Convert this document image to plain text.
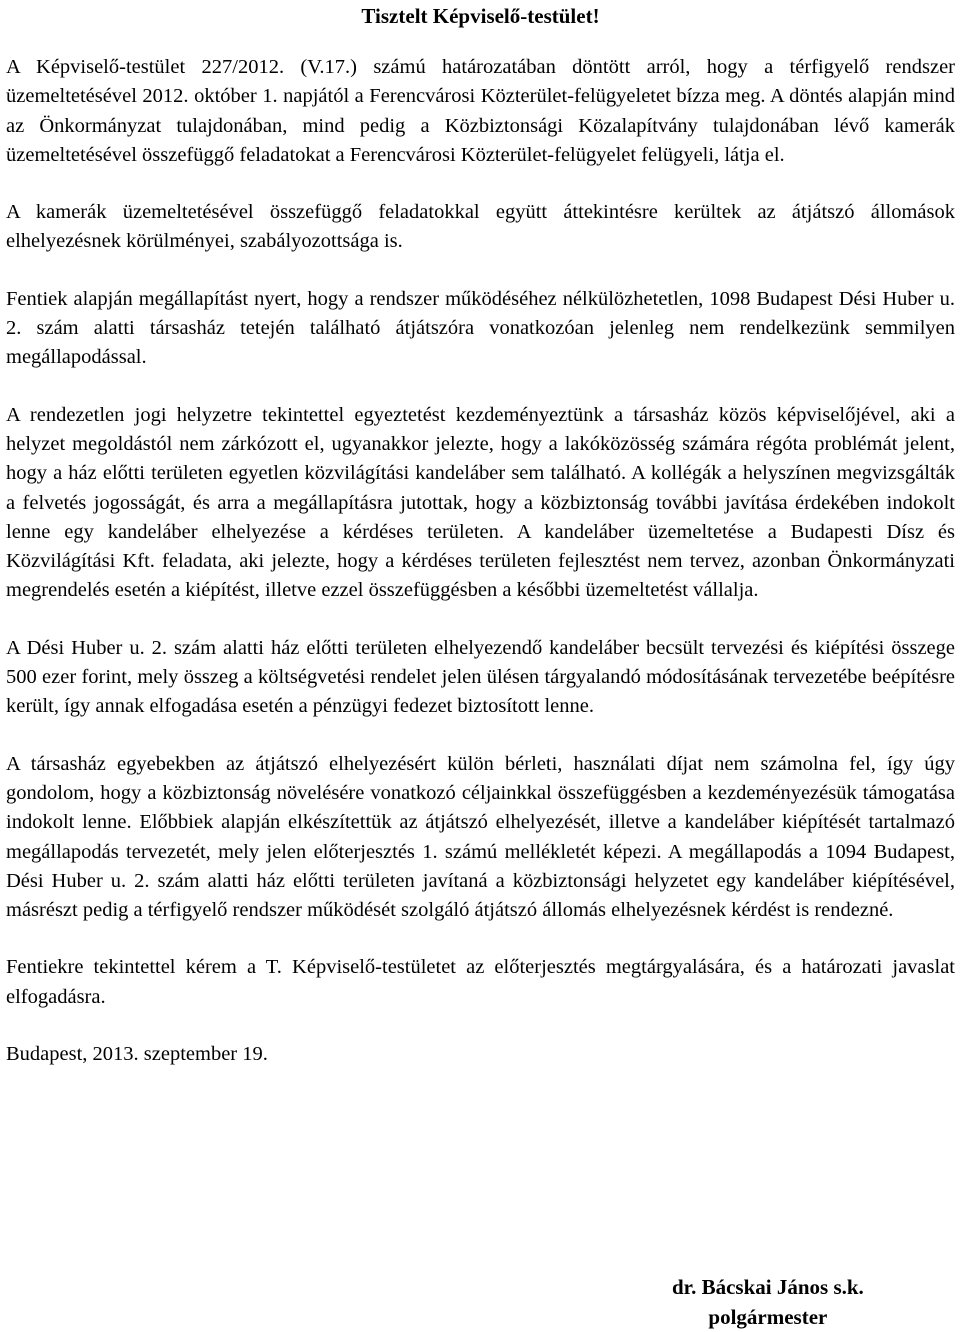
Tisztelt Képviselő-testület!

A Képviselő-testület 227/2012. (V.17.) számú határozatában döntött arról, hogy a térfigyelő rendszer üzemeltetésével 2012. október 1. napjától a Ferencvárosi Közterület-felügyeletet bízza meg. A döntés alapján mind az Önkormányzat tulajdonában, mind pedig a Közbiztonsági Közalapítvány tulajdonában lévő kamerák üzemeltetésével összefüggő feladatokat a Ferencvárosi Közterület-felügyelet felügyeli, látja el.

A kamerák üzemeltetésével összefüggő feladatokkal együtt áttekintésre kerültek az átjátszó állomások elhelyezésnek körülményei, szabályozottsága is.

Fentiek alapján megállapítást nyert, hogy a rendszer működéséhez nélkülözhetetlen, 1098 Budapest Dési Huber u. 2. szám alatti társasház tetején található átjátszóra vonatkozóan jelenleg nem rendelkezünk semmilyen megállapodással.

A rendezetlen jogi helyzetre tekintettel egyeztetést kezdeményeztünk a társasház közös képviselőjével, aki a helyzet megoldástól nem zárkózott el, ugyanakkor jelezte, hogy a lakóközösség számára régóta problémát jelent, hogy a ház előtti területen egyetlen közvilágítási kandeláber sem található. A kollégák a helyszínen megvizsgálták a felvetés jogosságát, és arra a megállapításra jutottak, hogy a közbiztonság további javítása érdekében indokolt lenne egy kandeláber elhelyezése a kérdéses területen. A kandeláber üzemeltetése a Budapesti Dísz és Közvilágítási Kft. feladata, aki jelezte, hogy a kérdéses területen fejlesztést nem tervez, azonban Önkormányzati megrendelés esetén a kiépítést, illetve ezzel összefüggésben a későbbi üzemeltetést vállalja.

A Dési Huber u. 2. szám alatti ház előtti területen elhelyezendő kandeláber becsült tervezési és kiépítési összege 500 ezer forint, mely összeg a költségvetési rendelet jelen ülésen tárgyalandó módosításának tervezetébe beépítésre került, így annak elfogadása esetén a pénzügyi fedezet biztosított lenne.

A társasház egyebekben az átjátszó elhelyezésért külön bérleti, használati díjat nem számolna fel, így úgy gondolom, hogy a közbiztonság növelésére vonatkozó céljainkkal összefüggésben a kezdeményezésük támogatása indokolt lenne. Előbbiek alapján elkészítettük az átjátszó elhelyezését, illetve a kandeláber kiépítését tartalmazó megállapodás tervezetét, mely jelen előterjesztés 1. számú mellékletét képezi. A megállapodás a 1094 Budapest, Dési Huber u. 2. szám alatti ház előtti területen javítaná a közbiztonsági helyzetet egy kandeláber kiépítésével, másrészt pedig a térfigyelő rendszer működését szolgáló átjátszó állomás elhelyezésnek kérdést is rendezné.

Fentiekre tekintettel kérem a T. Képviselő-testületet az előterjesztés megtárgyalására, és a határozati javaslat elfogadásra.

Budapest, 2013. szeptember 19.

dr. Bácskai János s.k.
polgármester
